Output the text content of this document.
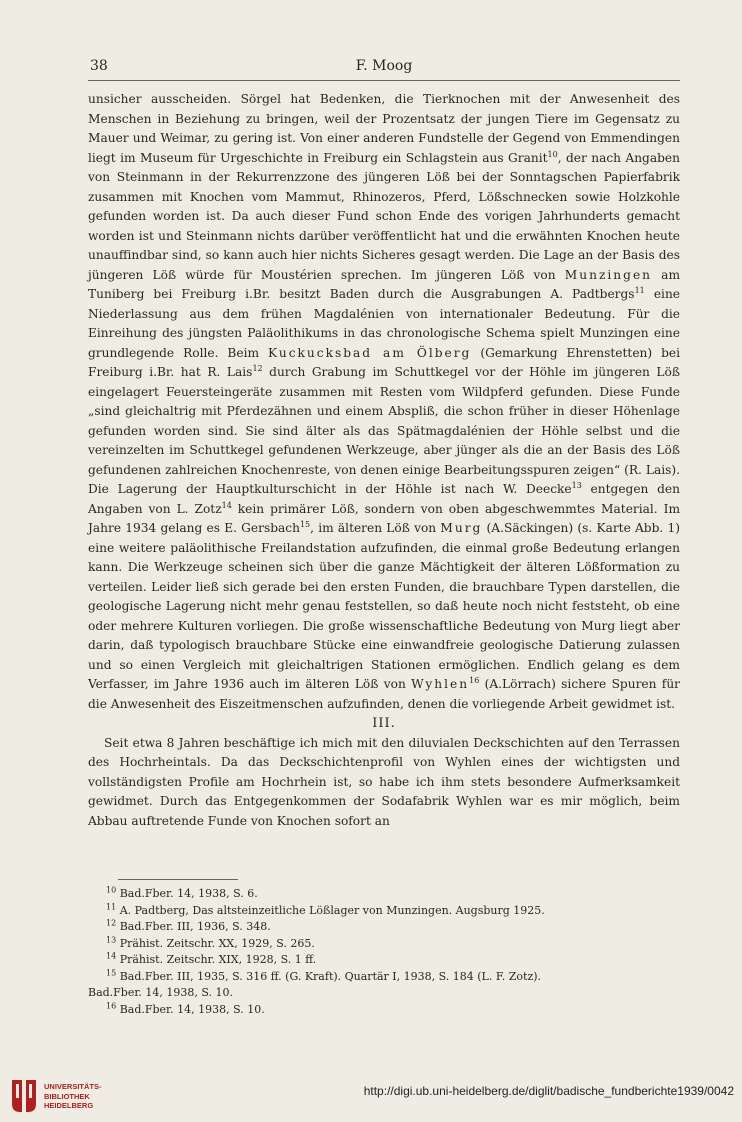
38	F. Moog

unsicher ausscheiden. Sörgel hat Bedenken, die Tierknochen mit der Anwesenheit des Menschen in Beziehung zu bringen, weil der Prozentsatz der jungen Tiere im Gegensatz zu Mauer und Weimar, zu gering ist. Von einer anderen Fundstelle der Gegend von Emmendingen liegt im Museum für Urgeschichte in Freiburg ein Schlagstein aus Granit$^{10}$, der nach Angaben von Steinmann in der Rekurrenzzone des jüngeren Löß bei der Sonntagschen Papierfabrik zusammen mit Knochen vom Mammut, Rhinozeros, Pferd, Lößschnecken sowie Holzkohle gefunden worden ist. Da auch dieser Fund schon Ende des vorigen Jahrhunderts gemacht worden ist und Steinmann nichts darüber veröffentlicht hat und die erwähnten Knochen heute unauffindbar sind, so kann auch hier nichts Sicheres gesagt werden. Die Lage an der Basis des jüngeren Löß würde für Moustérien sprechen. Im jüngeren Löß von Munzingen am Tuniberg bei Freiburg i.Br. besitzt Baden durch die Ausgrabungen A. Padtbergs$^{11}$ eine Niederlassung aus dem frühen Magdalénien von internationaler Bedeutung. Für die Einreihung des jüngsten Paläolithikums in das chronologische Schema spielt Munzingen eine grundlegende Rolle. Beim Kuckucksbad am Ölberg (Gemarkung Ehrenstetten) bei Freiburg i.Br. hat R. Lais$^{12}$ durch Grabung im Schuttkegel vor der Höhle im jüngeren Löß eingelagert Feuersteingeräte zusammen mit Resten vom Wildpferd gefunden. Diese Funde „sind gleichaltrig mit Pferdezähnen und einem Abspliß, die schon früher in dieser Höhenlage gefunden worden sind. Sie sind älter als das Spätmagdalénien der Höhle selbst und die vereinzelten im Schuttkegel gefundenen Werkzeuge, aber jünger als die an der Basis des Löß gefundenen zahlreichen Knochenreste, von denen einige Bearbeitungsspuren zeigen“ (R. Lais). Die Lagerung der Hauptkulturschicht in der Höhle ist nach W. Deecke$^{13}$ entgegen den Angaben von L. Zotz$^{14}$ kein primärer Löß, sondern von oben abgeschwemmtes Material. Im Jahre 1934 gelang es E. Gersbach$^{15}$, im älteren Löß von Murg (A.Säckingen) (s. Karte Abb. 1) eine weitere paläolithische Freilandstation aufzufinden, die einmal große Bedeutung erlangen kann. Die Werkzeuge scheinen sich über die ganze Mächtigkeit der älteren Lößformation zu verteilen. Leider ließ sich gerade bei den ersten Funden, die brauchbare Typen darstellen, die geologische Lagerung nicht mehr genau feststellen, so daß heute noch nicht feststeht, ob eine oder mehrere Kulturen vorliegen. Die große wissenschaftliche Bedeutung von Murg liegt aber darin, daß typologisch brauchbare Stücke eine einwandfreie geologische Datierung zulassen und so einen Vergleich mit gleichaltrigen Stationen ermöglichen. Endlich gelang es dem Verfasser, im Jahre 1936 auch im älteren Löß von Wyhlen$^{16}$ (A.Lörrach) sichere Spuren für die Anwesenheit des Eiszeitmenschen aufzufinden, denen die vorliegende Arbeit gewidmet ist.

III.

Seit etwa 8 Jahren beschäftige ich mich mit den diluvialen Deckschichten auf den Terrassen des Hochrheintals. Da das Deckschichtenprofil von Wyhlen eines der wichtigsten und vollständigsten Profile am Hochrhein ist, so habe ich ihm stets besondere Aufmerksamkeit gewidmet. Durch das Entgegenkommen der Sodafabrik Wyhlen war es mir möglich, beim Abbau auftretende Funde von Knochen sofort an

$^{10}$ Bad.Fber. 14, 1938, S. 6.
$^{11}$ A. Padtberg, Das altsteinzeitliche Lößlager von Munzingen. Augsburg 1925.
$^{12}$ Bad.Fber. III, 1936, S. 348.
$^{13}$ Prähist. Zeitschr. XX, 1929, S. 265.
$^{14}$ Prähist. Zeitschr. XIX, 1928, S. 1 ff.
$^{15}$ Bad.Fber. III, 1935, S. 316 ff. (G. Kraft). Quartär I, 1938, S. 184 (L. F. Zotz).
Bad.Fber. 14, 1938, S. 10.
$^{16}$ Bad.Fber. 14, 1938, S. 10.
UNIVERSITÄTS-
BIBLIOTHEK
HEIDELBERG
http://digi.ub.uni-heidelberg.de/diglit/badische_fundberichte1939/0042
